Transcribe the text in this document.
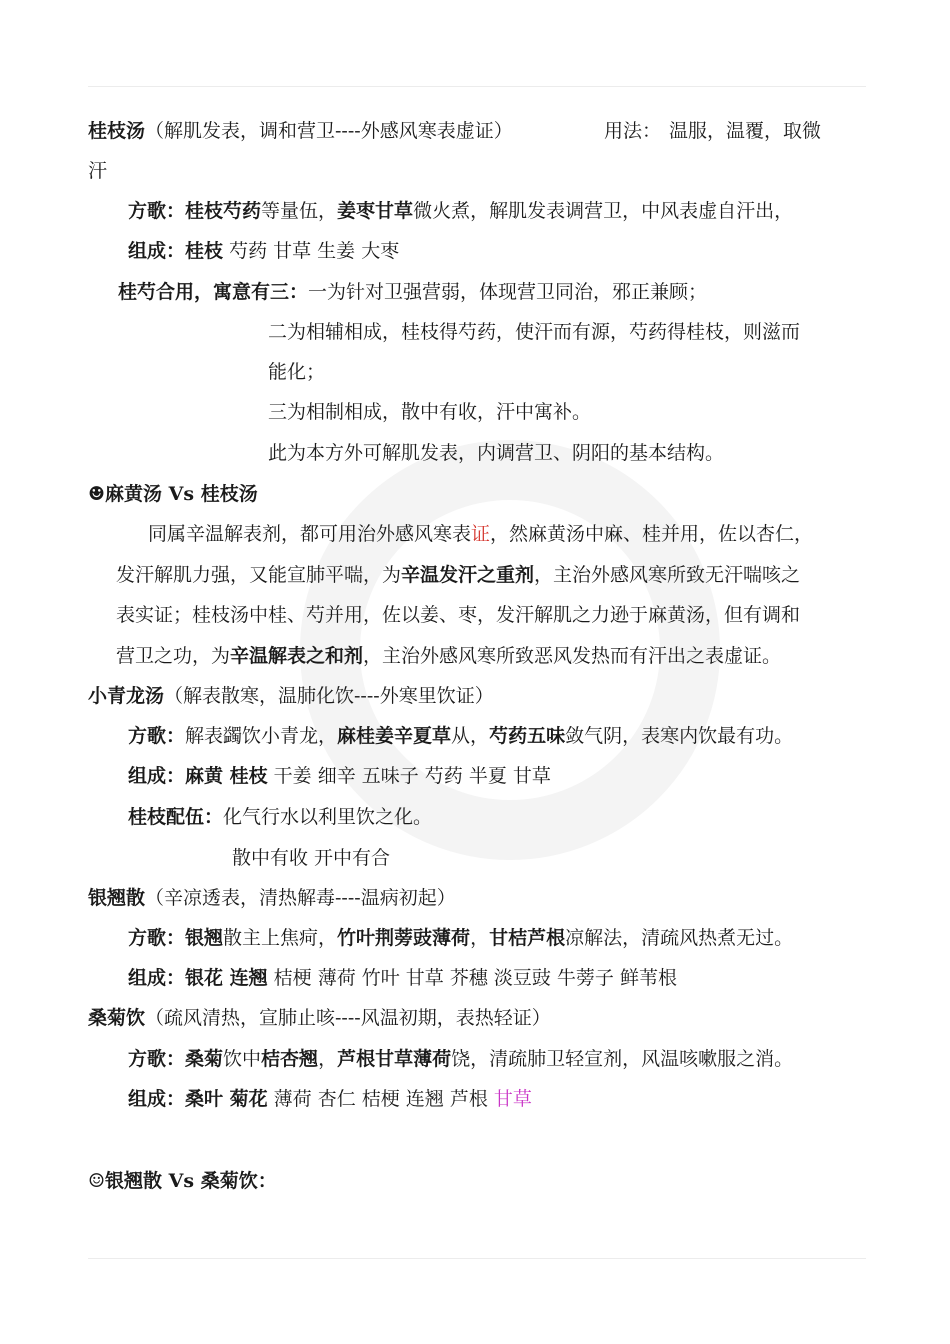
桂枝汤（解肌发表，调和营卫----外感风寒表虚证）	用法： 温服，温覆，取微
汗
方歌：桂枝芍药等量伍，姜枣甘草微火煮，解肌发表调营卫，中风表虚自汗出，
组成：桂枝 芍药 甘草 生姜 大枣
桂芍合用，寓意有三：一为针对卫强营弱，体现营卫同治，邪正兼顾；
二为相辅相成，桂枝得芍药，使汗而有源，芍药得桂枝，则滋而
能化；
三为相制相成，散中有收，汗中寓补。
此为本方外可解肌发表，内调营卫、阴阳的基本结构。
☻麻黄汤 Vs 桂枝汤
同属辛温解表剂，都可用治外感风寒表证，然麻黄汤中麻、桂并用，佐以杏仁，
发汗解肌力强，又能宣肺平喘，为辛温发汗之重剂，主治外感风寒所致无汗喘咳之
表实证；桂枝汤中桂、芍并用，佐以姜、枣，发汗解肌之力逊于麻黄汤，但有调和
营卫之功，为辛温解表之和剂，主治外感风寒所致恶风发热而有汗出之表虚证。
小青龙汤（解表散寒，温肺化饮----外寒里饮证）
方歌：解表蠲饮小青龙，麻桂姜辛夏草从，芍药五味敛气阴，表寒内饮最有功。
组成：麻黄 桂枝 干姜 细辛 五味子 芍药 半夏 甘草
桂枝配伍：化气行水以利里饮之化。
散中有收 开中有合
银翘散（辛凉透表，清热解毒----温病初起）
方歌：银翘散主上焦疴，竹叶荆蒡豉薄荷，甘桔芦根凉解法，清疏风热煮无过。
组成：银花 连翘 桔梗 薄荷 竹叶 甘草 芥穗 淡豆豉 牛蒡子 鲜苇根
桑菊饮（疏风清热，宣肺止咳----风温初期，表热轻证）
方歌：桑菊饮中桔杏翘，芦根甘草薄荷饶，清疏肺卫轻宣剂，风温咳嗽服之消。
组成：桑叶 菊花 薄荷 杏仁 桔梗 连翘 芦根 甘草
☺银翘散 Vs 桑菊饮：
